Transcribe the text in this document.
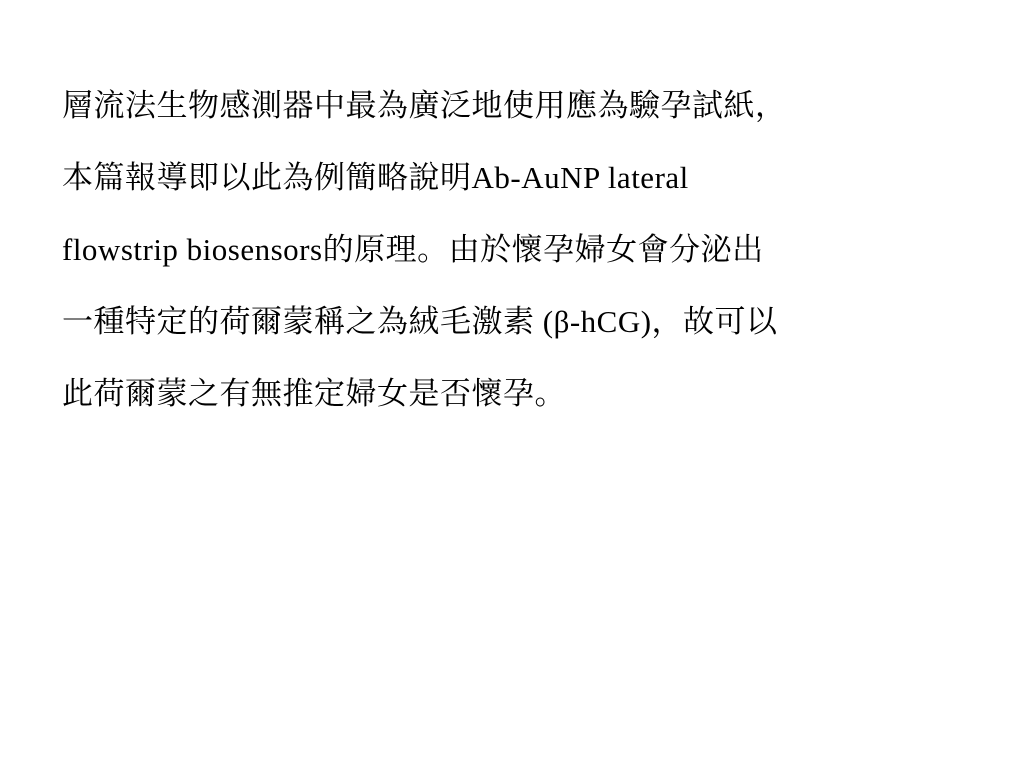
層流法生物感測器中最為廣泛地使用應為驗孕試紙，
本篇報導即以此為例簡略說明Ab-AuNP lateral
flowstrip biosensors的原理。由於懷孕婦女會分泌出
一種特定的荷爾蒙稱之為絨毛激素 (β-hCG)，故可以
此荷爾蒙之有無推定婦女是否懷孕。
